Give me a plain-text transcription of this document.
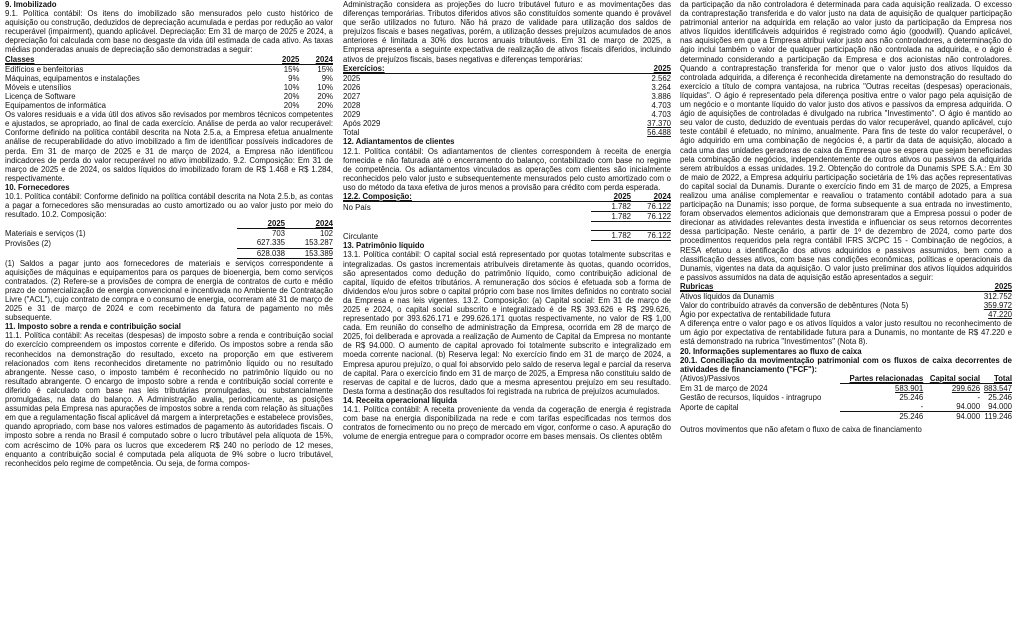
9. Imobilizado

9.1. Política contábil: Os itens do imobilizado são mensurados pelo custo histórico de aquisição ou construção, deduzidos de depreciação acumulada e perdas por redução ao valor recuperável (impairment), quando aplicável. Depreciação: Em 31 de março de 2025 e 2024, a depreciação foi calculada com base no desgaste da vida útil estimada de cada ativo. As taxas médias ponderadas anuais de depreciação são demonstradas a seguir:

Classes	2025	2024
Edifícios e benfeitorias	15%	15%
Máquinas, equipamentos e instalações	9%	9%
Móveis e utensílios	10%	10%
Licença de Software	20%	20%
Equipamentos de informática	20%	20%

Os valores residuais e a vida útil dos ativos são revisados por membros técnicos competentes e ajustados, se apropriado, ao final de cada exercício. Análise de perda ao valor recuperável: Conforme definido na política contábil descrita na Nota 2.5.a, a Empresa efetua anualmente análise de recuperabilidade do ativo imobilizado a fim de identificar possíveis indicadores de perda. Em 31 de março de 2025 e 31 de março de 2024, a Empresa não identificou indicadores de perda do valor recuperável no ativo imobilizado. 9.2. Composição: Em 31 de março de 2025 e de 2024, os saldos líquidos do imobilizado foram de R$ 1.468 e R$ 1.284, respectivamente.

10. Fornecedores

10.1. Política contábil: Conforme definido na política contábil descrita na Nota 2.5.b, as contas a pagar a fornecedores são mensuradas ao custo amortizado ou ao valor justo por meio do resultado. 10.2. Composição:

	2025	2024
Materiais e serviços (1)	703	102
Provisões (2)	627.335	153.287
	628.038	153.389

(1) Saldos a pagar junto aos fornecedores de materiais e serviços correspondente a aquisições de máquinas e equipamentos para os parques de bioenergia, bem como serviços contratados. (2) Refere-se a provisões de compra de energia de contratos de curto e médio prazo de comercialização de energia convencional e incentivada no Ambiente de Contratação Livre ("ACL"), cujo contrato de compra e o consumo de energia, ocorreram até 31 de março de 2025 e 31 de março de 2024 e com recebimento da fatura de pagamento no mês subsequente.

11. Imposto sobre a renda e contribuição social

11.1. Política contábil: As receitas (despesas) de imposto sobre a renda e contribuição social do exercício compreendem os impostos corrente e diferido. Os impostos sobre a renda são reconhecidos na demonstração do resultado, exceto na proporção em que estiverem relacionados com itens reconhecidos diretamente no patrimônio líquido ou no resultado abrangente. Nesse caso, o imposto também é reconhecido no patrimônio líquido ou no resultado abrangente. O encargo de imposto sobre a renda e contribuição social corrente e diferido é calculado com base nas leis tributárias promulgadas, ou substancialmente promulgadas, na data do balanço. A Administração avalia, periodicamente, as posições assumidas pela Empresa nas apurações de impostos sobre a renda com relação às situações em que a regulamentação fiscal aplicável dá margem a interpretações e estabelece provisões, quando apropriado, com base nos valores estimados de pagamento às autoridades fiscais. O imposto sobre a renda no Brasil é computado sobre o lucro tributável pela alíquota de 15%, com acréscimo de 10% para os lucros que excederem R$ 240 no período de 12 meses, enquanto a contribuição social é computada pela alíquota de 9% sobre o lucro tributável, reconhecidos pelo regime de competência. Ou seja, de forma compos-

Administração considera as projeções do lucro tributável futuro e as movimentações das diferenças temporárias. Tributos diferidos ativos são constituídos somente quando é provável que serão utilizados no futuro. Não há prazo de validade para utilização dos saldos de prejuízos fiscais e bases negativas, porém, a utilização desses prejuízos acumulados de anos anteriores é limitada a 30% dos lucros anuais tributáveis. Em 31 de março de 2025, a Empresa apresenta a seguinte expectativa de realização de ativos fiscais diferidos, incluindo ativos de prejuízos fiscais, bases negativas e diferenças temporárias:

Exercícios:	2025
2025	2.562
2026	3.264
2027	3.886
2028	4.703
2029	4.703
Após 2029	37.370
Total	56.488

12. Adiantamentos de clientes

12.1. Política contábil: Os adiantamentos de clientes correspondem à receita de energia fornecida e não faturada até o encerramento do balanço, contabilizado com base no regime de competência. Os adiantamentos vinculados as operações com clientes são inicialmente reconhecidos pelo valor justo e subsequentemente mensurados pelo custo amortizado com o uso do método da taxa efetiva de juros menos a provisão para crédito com perda esperada.

12.2. Composição:	2025	2024
No País	1.782	76.122
	1.782	76.122

Circulante	1.782	76.122

13. Patrimônio líquido

13.1. Política contábil: O capital social está representado por quotas totalmente subscritas e integralizadas. Os gastos incrementais atribuíveis diretamente às quotas, quando ocorridos, são apresentados como dedução do patrimônio líquido, como contribuição adicional de capital, líquido de efeitos tributários. A remuneração dos sócios é efetuada sob a forma de dividendos e/ou juros sobre o capital próprio com base nos limites definidos no contrato social da Empresa e nas leis vigentes. 13.2. Composição: (a) Capital social: Em 31 de março de 2025 e 2024, o capital social subscrito e integralizado é de R$ 393.626 e R$ 299.626, representado por 393.626.171 e 299.626.171 quotas respectivamente, no valor de R$ 1,00 cada. Em reunião do conselho de administração da Empresa, ocorrida em 28 de março de 2025, foi deliberada e aprovada a realização de Aumento de Capital da Empresa no montante de R$ 94.000. O aumento de capital aprovado foi totalmente subscrito e integralizado em moeda corrente nacional. (b) Reserva legal: No exercício findo em 31 de março de 2024, a Empresa apurou prejuízo, o qual foi absorvido pelo saldo de reserva legal e parcial da reserva de capital. Para o exercício findo em 31 de março de 2025, a Empresa não constituiu saldo de reservas de capital e de lucros, dado que a mesma apresentou prejuízo em seu resultado. Desta forma a destinação dos resultados foi registrada na rubrica de prejuízos acumulados.

14. Receita operacional líquida

14.1. Política contábil: A receita proveniente da venda da cogeração de energia é registrada com base na energia disponibilizada na rede e com tarifas especificadas nos termos dos contratos de fornecimento ou no preço de mercado em vigor, conforme o caso. A apuração do volume de energia entregue para o comprador ocorre em bases mensais. Os clientes obtêm

da participação da não controladora é determinada para cada aquisição realizada. O excesso da contraprestação transferida e do valor justo na data de aquisição de qualquer participação patrimonial anterior na adquirida em relação ao valor justo da participação da Empresa nos ativos líquidos identificáveis adquiridos é registrado como ágio (goodwill). Quando aplicável, nas aquisições em que a Empresa atribui valor justo aos não controladores, a determinação do ágio inclui também o valor de qualquer participação não controlada na adquirida, e o ágio é determinado considerando a participação da Empresa e dos acionistas não controladores. Quando a contraprestação transferida for menor que o valor justo dos ativos líquidos da controlada adquirida, a diferença é reconhecida diretamente na demonstração do resultado do exercício a título de compra vantajosa, na rubrica "Outras receitas (despesas) operacionais, líquidas". O ágio é representado pela diferença positiva entre o valor pago pela aquisição de um negócio e o montante líquido do valor justo dos ativos e passivos da empresa adquirida. O ágio de aquisições de controladas é divulgado na rubrica "Investimento". O ágio é mantido ao seu valor de custo, deduzido de eventuais perdas do valor recuperável, quando aplicável, cujo teste contábil é efetuado, no mínimo, anualmente. Para fins de teste do valor recuperável, o ágio adquirido em uma combinação de negócios é, a partir da data de aquisição, alocado a cada uma das unidades geradoras de caixa da Empresa que se espera que sejam beneficiadas pela combinação de negócios, independentemente de outros ativos ou passivos da adquirida serem atribuídos a essas unidades. 19.2. Obtenção do controle da Dunamis SPE S.A.: Em 30 de maio de 2022, a Empresa adquiriu participação societária de 1% das ações representativas do capital social da Dunamis. Durante o exercício findo em 31 de março de 2025, a Empresa realizou uma análise complementar e reavaliou o tratamento contábil adotado para a sua participação na Dunamis; isso porque, de forma subsequente a sua entrada no investimento, foram observados elementos adicionais que demonstraram que a Empresa possui o poder de direcionar as atividades relevantes desta investida e influenciar os seus retornos decorrentes dessa participação. Neste cenário, a partir de 1º de dezembro de 2024, como parte dos procedimentos requeridos pela regra contábil IFRS 3/CPC 15 - Combinação de negócios, a RESA efetuou a identificação dos ativos adquiridos e passivos assumidos, bem como a classificação desses ativos, com base nas condições econômicas, políticas e operacionais da Dunamis, vigentes na data da aquisição. O valor justo preliminar dos ativos líquidos adquiridos e passivos assumidos na data de aquisição estão apresentados a seguir:

Rubricas	2025
Ativos líquidos da Dunamis	312.752
Valor do contribuído através da conversão de debêntures (Nota 5)	359.972
Ágio por expectativa de rentabilidade futura	47.220

A diferença entre o valor pago e os ativos líquidos a valor justo resultou no reconhecimento de um ágio por expectativa de rentabilidade futura para a Dunamis, no montante de R$ 47.220 e está demonstrado na rubrica "Investimentos" (Nota 8).

20. Informações suplementares ao fluxo de caixa

20.1. Conciliação da movimentação patrimonial com os fluxos de caixa decorrentes de atividades de financiamento ("FCF"):

(Ativos)/Passivos	Partes relacionadas	Capital social	Total
Em 31 de março de 2024	583.901	299.626	883.547
Gestão de recursos, líquidos - intragrupo	25.246	-	25.246
Aporte de capital	-	94.000	94.000
	25.246	94.000	119.246

Outros movimentos que não afetam o fluxo de caixa de financiamento
